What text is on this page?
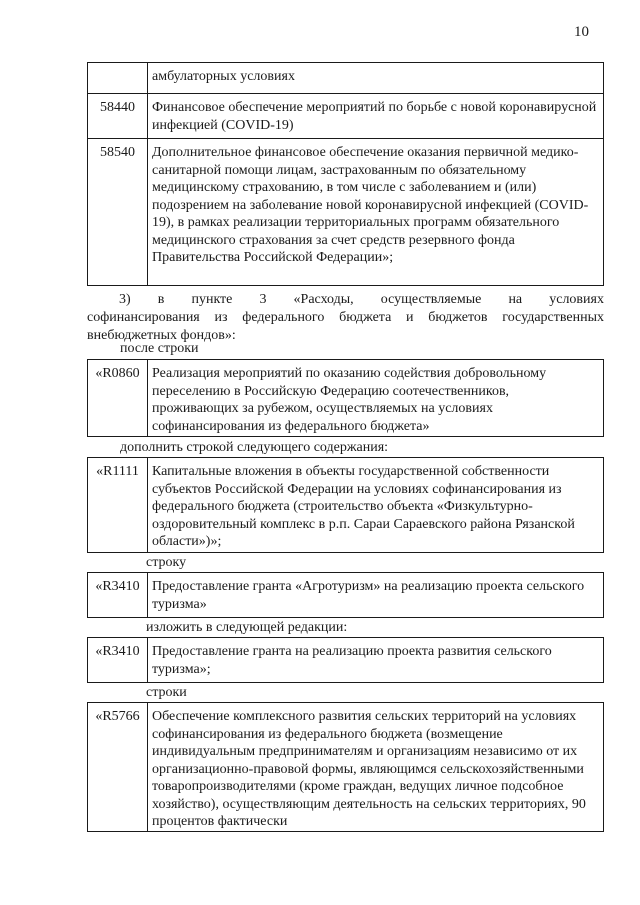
10
амбулаторных условиях
58440	Финансовое обеспечение мероприятий по борьбе с новой коронавирусной инфекцией (COVID-19)
58540	Дополнительное финансовое обеспечение оказания первичной медико-санитарной помощи лицам, застрахованным по обязательному медицинскому страхованию, в том числе с заболеванием и (или) подозрением на заболевание новой коронавирусной инфекцией (COVID-19), в рамках реализации территориальных программ обязательного медицинского страхования за счет средств резервного фонда Правительства Российской Федерации»;
3) в пункте 3 «Расходы, осуществляемые на условиях
софинансирования из федерального бюджета и бюджетов государственных внебюджетных фондов»:
после строки
«R0860 Реализация мероприятий по оказанию содействия добровольному переселению в Российскую Федерацию соотечественников, проживающих за рубежом, осуществляемых на условиях софинансирования из федерального бюджета»
дополнить строкой следующего содержания:
«R1111 Капитальные вложения в объекты государственной собственности субъектов Российской Федерации на условиях софинансирования из федерального бюджета (строительство объекта «Физкультурно-оздоровительный комплекс в р.п. Сараи Сараевского района Рязанской области»)»;
строку
«R3410 Предоставление гранта «Агротуризм» на реализацию проекта сельского туризма»
изложить в следующей редакции:
«R3410 Предоставление гранта на реализацию проекта развития сельского туризма»;
строки
«R5766 Обеспечение комплексного развития сельских территорий на условиях софинансирования из федерального бюджета (возмещение индивидуальным предпринимателям и организациям независимо от их организационно-правовой формы, являющимся сельскохозяйственными товаропроизводителями (кроме граждан, ведущих личное подсобное хозяйство), осуществляющим деятельность на сельских территориях, 90 процентов фактически
